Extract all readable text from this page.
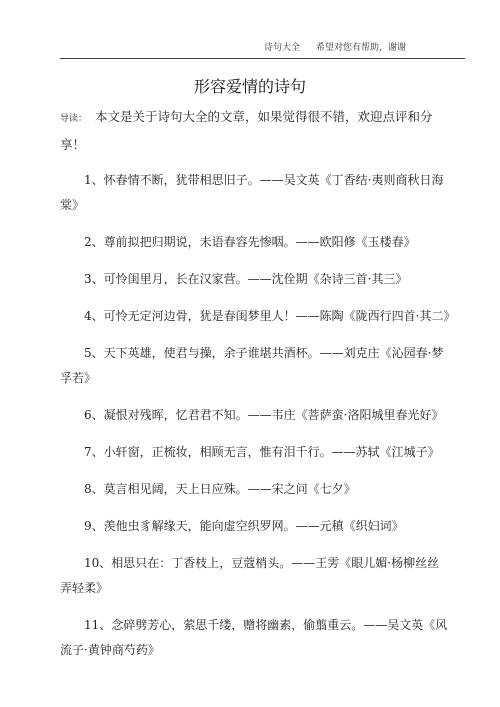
诗句大全 希望对您有帮助，谢谢
形容爱情的诗句
导读： 本文是关于诗句大全的文章，如果觉得很不错，欢迎点评和分享！

1、怀春情不断，犹带相思旧子。——吴文英《丁香结·夷则商秋日海棠》

2、尊前拟把归期说，未语春容先惨咽。——欧阳修《玉楼春》

3、可怜闺里月，长在汉家营。——沈佺期《杂诗三首·其三》

4、可怜无定河边骨，犹是春闺梦里人！——陈陶《陇西行四首·其二》

5、天下英雄，使君与操，余子谁堪共酒杯。——刘克庄《沁园春·梦孚若》

6、凝恨对残晖，忆君君不知。——韦庄《菩萨蛮·洛阳城里春光好》

7、小轩窗，正梳妆，相顾无言，惟有泪千行。——苏轼《江城子》

8、莫言相见阔，天上日应殊。——宋之问《七夕》

9、羡他虫豸解缘天，能向虚空织罗网。——元稹《织妇词》

10、相思只在：丁香枝上，豆蔻梢头。——王雱《眼儿媚·杨柳丝丝弄轻柔》

11、念碎劈芳心，萦思千缕，赠将幽素，偷翦重云。——吴文英《风流子·黄钟商芍药》
